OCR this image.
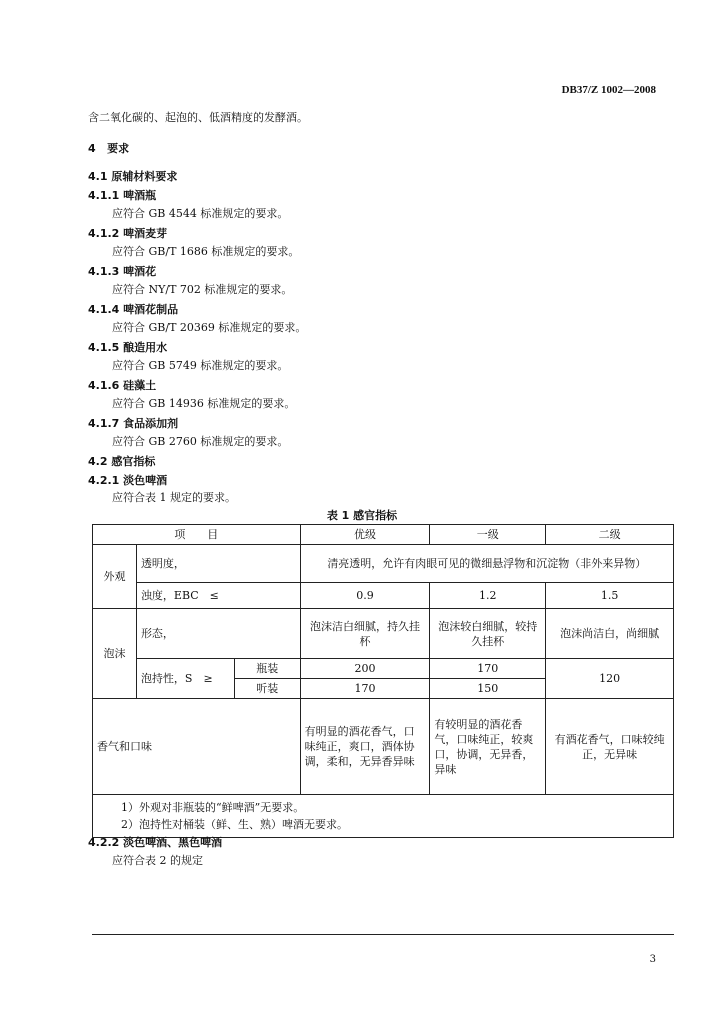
DB37/Z 1002—2008
含二氧化碳的、起泡的、低酒精度的发酵酒。
4 要求
4.1 原辅材料要求
4.1.1 啤酒瓶
应符合 GB 4544 标准规定的要求。
4.1.2 啤酒麦芽
应符合 GB/T 1686 标准规定的要求。
4.1.3 啤酒花
应符合 NY/T 702 标准规定的要求。
4.1.4 啤酒花制品
应符合 GB/T 20369 标准规定的要求。
4.1.5 酿造用水
应符合 GB 5749 标准规定的要求。
4.1.6 硅藻土
应符合 GB 14936 标准规定的要求。
4.1.7 食品添加剂
应符合 GB 2760 标准规定的要求。
4.2 感官指标
4.2.1 淡色啤酒
应符合表 1 规定的要求。
表 1 感官指标
项　　目			优级	一级	二级
外观	透明度，		清亮透明，允许有肉眼可见的微细悬浮物和沉淀物（非外来异物）		
	浊度，EBC　≤		0.9	1.2	1.5
泡沫	形态，		泡沫洁白细腻，持久挂杯	泡沫较白细腻，较持久挂杯	泡沫尚洁白，尚细腻
	泡持性，S　≥	瓶装	200	170	120
		听装	170	150	
香气和口味			有明显的酒花香气，口味纯正，爽口，酒体协调，柔和，无异香异味	有较明显的酒花香气，口味纯正，较爽口，协调，无异香，异味	有酒花香气，口味较纯正，无异味

1）外观对非瓶装的“鲜啤酒”无要求。
2）泡持性对桶装（鲜、生、熟）啤酒无要求。					
4.2.2 淡色啤酒、黑色啤酒
应符合表 2 的规定
3
